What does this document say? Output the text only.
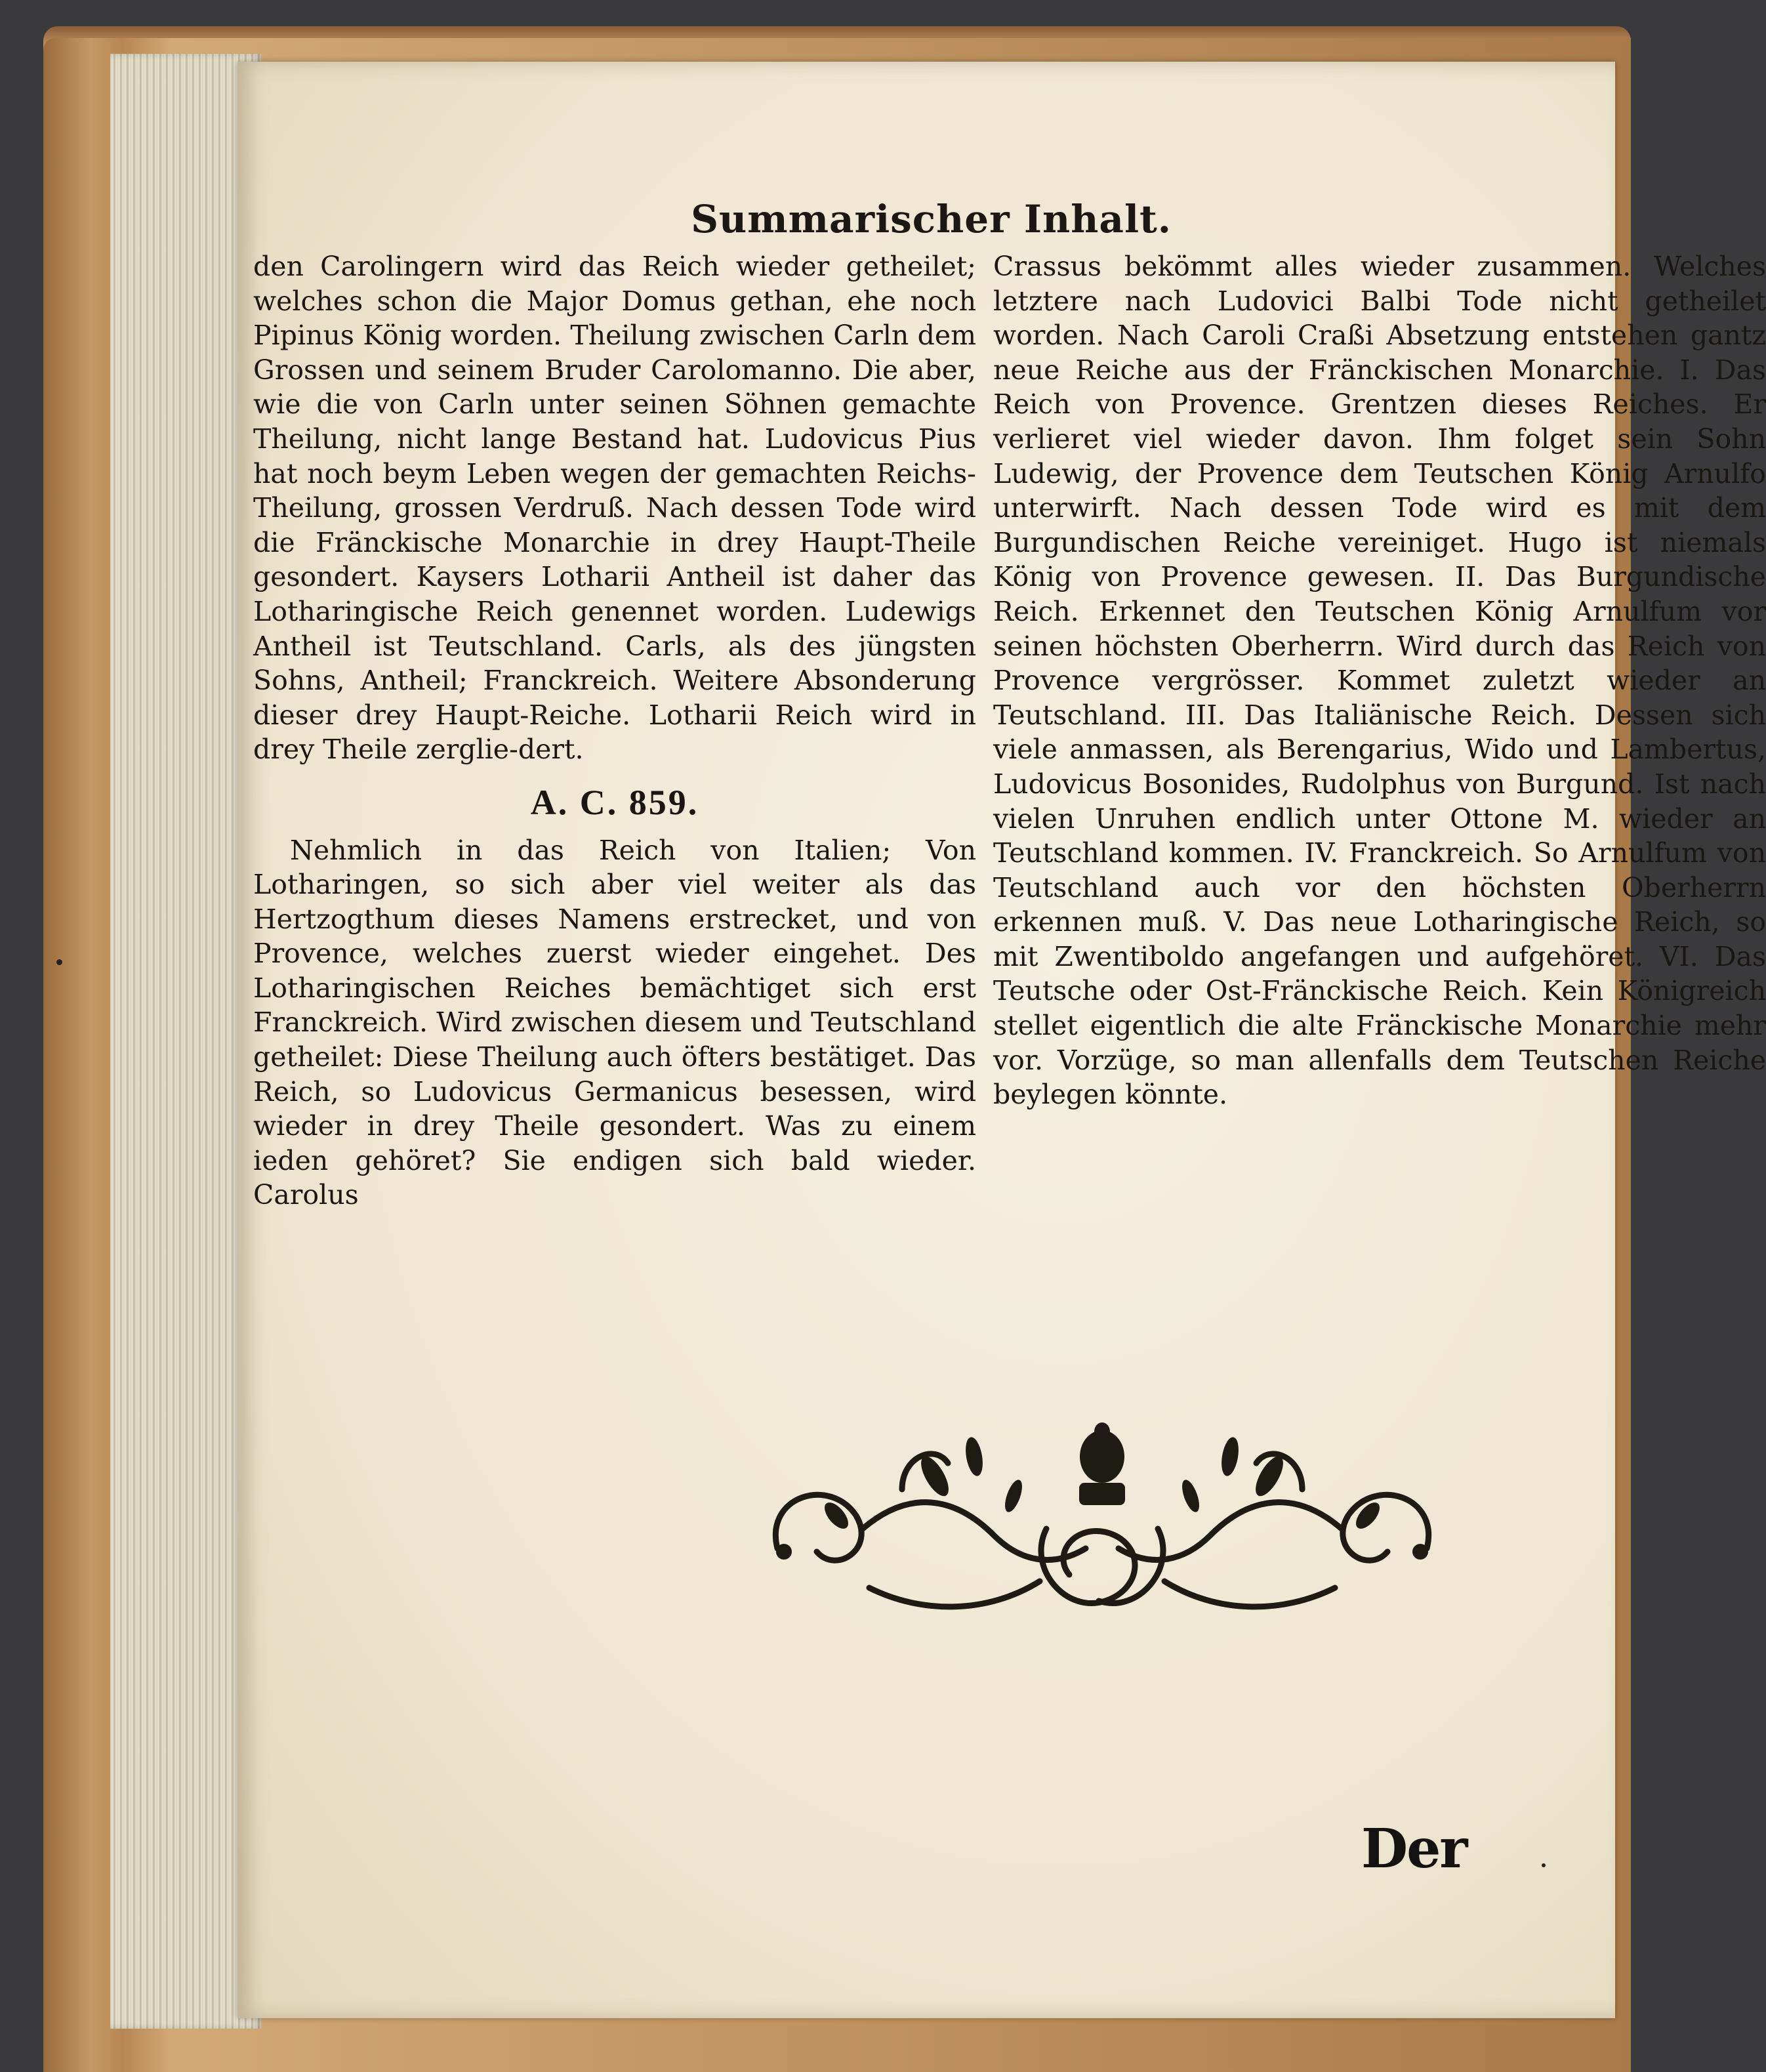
Summarischer Inhalt.

den Carolingern wird das Reich wieder getheilet; welches schon die Major Domus gethan, ehe noch Pipinus König worden. Theilung zwischen Carln dem Grossen und seinem Bruder Carolomanno. Die aber, wie die von Carln unter seinen Söhnen gemachte Theilung, nicht lange Bestand hat. Ludovicus Pius hat noch beym Leben wegen der gemachten Reichs-Theilung, grossen Verdruß. Nach dessen Tode wird die Fränckische Monarchie in drey Haupt-Theile gesondert. Kaysers Lotharii Antheil ist daher das Lotharingische Reich genennet worden. Ludewigs Antheil ist Teutschland. Carls, als des jüngsten Sohns, Antheil; Franckreich. Weitere Absonderung dieser drey Haupt-Reiche. Lotharii Reich wird in drey Theile zerglie-dert.

A. C. 859.

Nehmlich in das Reich von Italien; Von Lotharingen, so sich aber viel weiter als das Hertzogthum dieses Namens erstrecket, und von Provence, welches zuerst wieder eingehet. Des Lotharingischen Reiches bemächtiget sich erst Franckreich. Wird zwischen diesem und Teutschland getheilet: Diese Theilung auch öfters bestätiget. Das Reich, so Ludovicus Germanicus besessen, wird wieder in drey Theile gesondert. Was zu einem ieden gehöret? Sie endigen sich bald wieder. Carolus

Crassus bekömmt alles wieder zusammen. Welches letztere nach Ludovici Balbi Tode nicht getheilet worden. Nach Caroli Craßi Absetzung entstehen gantz neue Reiche aus der Fränckischen Monarchie. I. Das Reich von Provence. Grentzen dieses Reiches. Er verlieret viel wieder davon. Ihm folget sein Sohn Ludewig, der Provence dem Teutschen König Arnulfo unterwirft. Nach dessen Tode wird es mit dem Burgundischen Reiche vereiniget. Hugo ist niemals König von Provence gewesen. II. Das Burgundische Reich. Erkennet den Teutschen König Arnulfum vor seinen höchsten Oberherrn. Wird durch das Reich von Provence vergrösser. Kommet zuletzt wieder an Teutschland. III. Das Italiänische Reich. Dessen sich viele anmassen, als Berengarius, Wido und Lambertus, Ludovicus Bosonides, Rudolphus von Burgund. Ist nach vielen Unruhen endlich unter Ottone M. wieder an Teutschland kommen. IV. Franckreich. So Arnulfum von Teutschland auch vor den höchsten Oberherrn erkennen muß. V. Das neue Lotharingische Reich, so mit Zwentiboldo angefangen und aufgehöret. VI. Das Teutsche oder Ost-Fränckische Reich. Kein Königreich stellet eigentlich die alte Fränckische Monarchie mehr vor. Vorzüge, so man allenfalls dem Teutschen Reiche beylegen könnte.

Der
